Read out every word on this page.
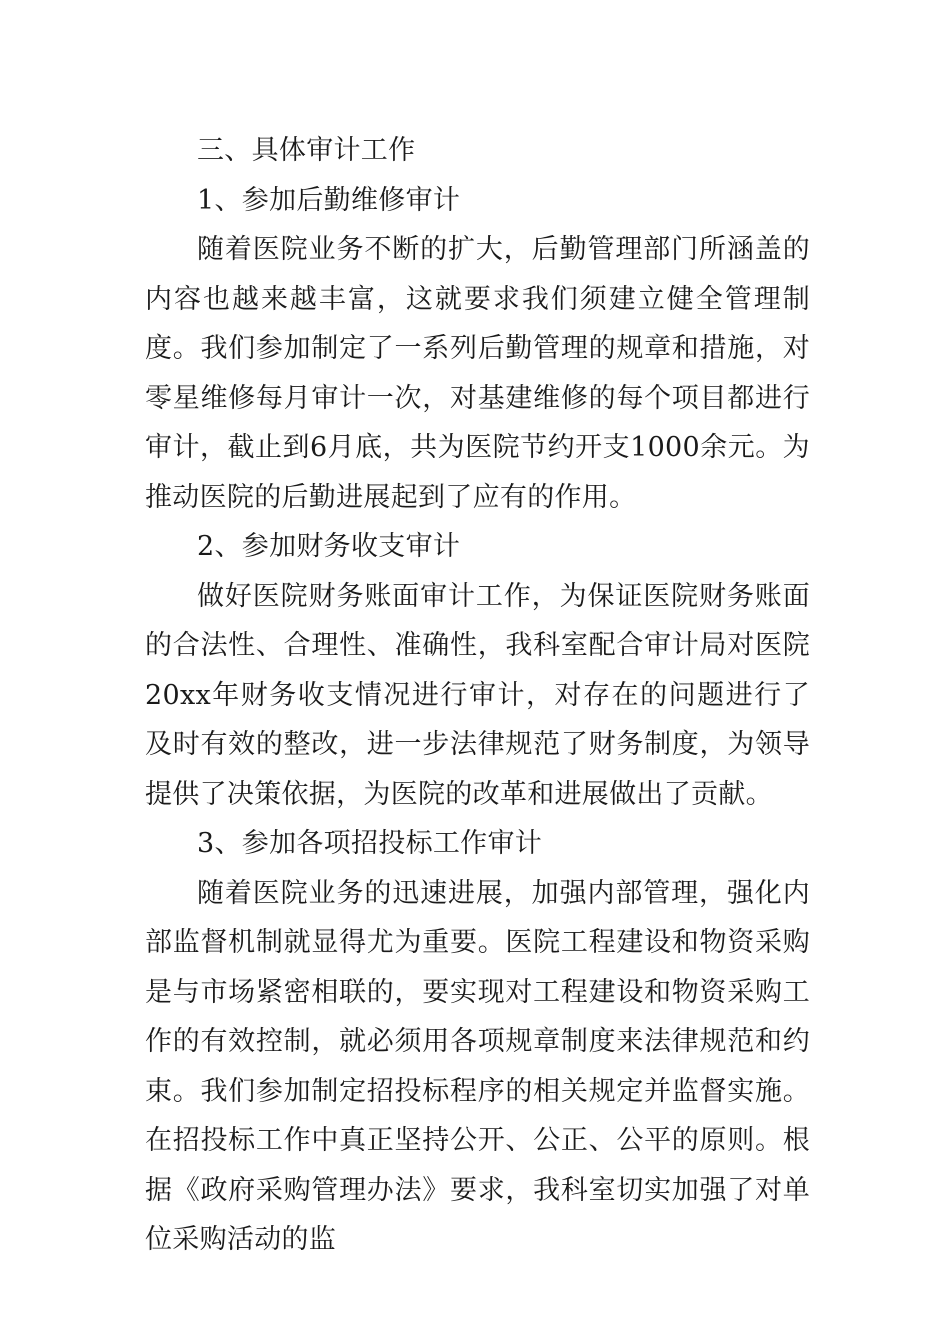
三、具体审计工作

1、参加后勤维修审计

随着医院业务不断的扩大，后勤管理部门所涵盖的内容也越来越丰富，这就要求我们须建立健全管理制度。我们参加制定了一系列后勤管理的规章和措施，对零星维修每月审计一次，对基建维修的每个项目都进行审计，截止到6月底，共为医院节约开支1000余元。为推动医院的后勤进展起到了应有的作用。

2、参加财务收支审计

做好医院财务账面审计工作，为保证医院财务账面的合法性、合理性、准确性，我科室配合审计局对医院20xx年财务收支情况进行审计，对存在的问题进行了及时有效的整改，进一步法律规范了财务制度，为领导提供了决策依据，为医院的改革和进展做出了贡献。

3、参加各项招投标工作审计

随着医院业务的迅速进展，加强内部管理，强化内部监督机制就显得尤为重要。医院工程建设和物资采购是与市场紧密相联的，要实现对工程建设和物资采购工作的有效控制，就必须用各项规章制度来法律规范和约束。我们参加制定招投标程序的相关规定并监督实施。在招投标工作中真正坚持公开、公正、公平的原则。根据《政府采购管理办法》要求，我科室切实加强了对单位采购活动的监
